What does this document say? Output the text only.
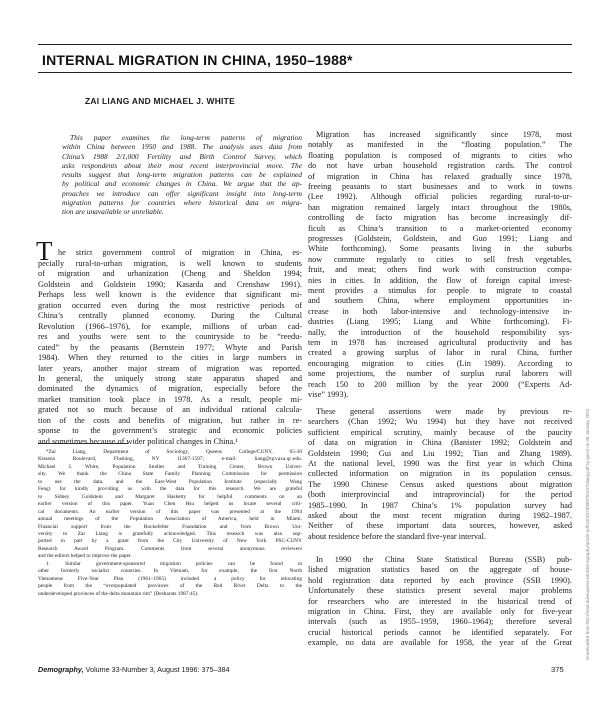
INTERNAL MIGRATION IN CHINA, 1950–1988*
ZAI LIANG AND MICHAEL J. WHITE
This paper examines the long-term patterns of migration
within China between 1950 and 1988. The analysis uses data from
China’s 1988 2/1,000 Fertility and Birth Control Survey, which
asks respondents about their most recent interprovincial move. The
results suggest that long-term migration patterns can be explained
by political and economic changes in China. We argue that the ap-
proaches we introduce can offer significant insight into long-term
migration patterns for countries where historical data on migra-
tion are unavailable or unreliable.
T he strict government control of migration in China, es-
pecially rural-to-urban migration, is well known to students
of migration and urbanization (Cheng and Sheldon 1994;
Goldstein and Goldstein 1990; Kasarda and Crenshaw 1991).
Perhaps less well known is the evidence that significant mi-
gration occurred even during the most restrictive periods of
China’s centrally planned economy. During the Cultural
Revolution (1966–1976), for example, millions of urban cad-
res and youths were sent to the countryside to be “reedu-
cated” by the peasants (Bernstein 1977; Whyte and Parish
1984). When they returned to the cities in large numbers in
later years, another major stream of migration was reported.
In general, the uniquely strong state apparatus shaped and
dominated the dynamics of migration, especially before the
market transition took place in 1978. As a result, people mi-
grated not so much because of an individual rational calcula-
tion of the costs and benefits of migration, but rather in re-
sponse to the government’s strategic and economic policies
and sometimes because of wider political changes in China.¹
*Zai Liang, Department of Sociology, Queens College/CUNY, 65-30
Kissena Boulevard, Flushing, NY 11367-1597; e-mail: liang@qcvaxa.qc.edu.
Michael J. White, Population Studies and Training Center, Brown Univer-
sity. We thank the China State Family Planning Commission for permission
to use the data, and the East-West Population Institute (especially Wang
Feng) for kindly providing us with the data for this research. We are grateful
to Sidney Goldstein and Margaret Hasketty for helpful comments on an
earlier version of this paper. Yuan Chen Hsu helped us locate several criti-
cal documents. An earlier version of this paper was presented at the 1994
annual meetings of the Population Association of America, held in Miami.
Financial support from the Rockefeller Foundation and from Brown Uni-
versity to Zai Liang is gratefully acknowledged. This research was also sup-
ported in part by a grant from the City University of New York PSC-CUNY
Research Award Program. Comments from several anonymous reviewers
and the editors helped to improve the paper.
1. Similar government-sponsored migration policies can be found in
other formerly socialist countries. In Vietnam, for example, the first North
Vietnamese Five-Year Plan (1961–1965) included a policy for relocating
people from the “overpopulated provinces of the Red River Delta to the
underdeveloped provinces of the delta mountain rim” (Desbarats 1987:45).
Migration has increased significantly since 1978, most
notably as manifested in the “floating population.” The
floating population is composed of migrants to cities who
do not have urban household registration cards. The control
of migration in China has relaxed gradually since 1978,
freeing peasants to start businesses and to work in towns
(Lee 1992). Although official policies regarding rural-to-ur-
ban migration remained largely intact throughout the 1980s,
controlling de facto migration has become increasingly dif-
ficult as China’s transition to a market-oriented economy
progresses (Goldstein, Goldstein, and Guo 1991; Liang and
White forthcoming). Some peasants living in the suburbs
now commute regularly to cities to sell fresh vegetables,
fruit, and meat; others find work with construction compa-
nies in cities. In addition, the flow of foreign capital invest-
ment provides a stimulus for people to migrate to coastal
and southern China, where employment opportunities in-
crease in both labor-intensive and technology-intensive in-
dustries (Liang 1995; Liang and White forthcoming). Fi-
nally, the introduction of the household responsibility sys-
tem in 1978 has increased agricultural productivity and has
created a growing surplus of labor in rural China, further
encouraging migration to cities (Lin 1989). According to
some projections, the number of surplus rural laborers will
reach 150 to 200 million by the year 2000 (“Experts Ad-
vise” 1993).
These general assertions were made by previous re-
searchers (Chan 1992; Wu 1994) but they have not received
sufficient empirical scrutiny, mainly because of the paucity
of data on migration in China (Banister 1992; Goldstein and
Goldstein 1990; Gui and Liu 1992; Tian and Zhang 1989).
At the national level, 1990 was the first year in which China
collected information on migration in its population census.
The 1990 Chinese Census asked questions about migration
(both interprovincial and intraprovincial) for the period
1985–1990. In 1987 China’s 1% population survey had
asked about the most recent migration during 1982–1987.
Neither of these important data sources, however, asked
about residence before the standard five-year interval.
In 1990 the China State Statistical Bureau (SSB) pub-
lished migration statistics based on the aggregate of house-
hold registration data reported by each province (SSB 1990).
Unfortunately these statistics present several major problems
for researchers who are interested in the historical trend of
migration in China. First, they are available only for five-year
intervals (such as 1955–1959, 1960–1964); therefore several
crucial historical periods cannot be identified separately. For
example, no data are available for 1958, the year of the Great
Demography, Volume 33-Number 3, August 1996: 375–384	375
Downloaded from http://read.dukeupress.edu/demography/article-pdf/33/3/375/889781/375liang.pdf by guest on 08 January 2023
